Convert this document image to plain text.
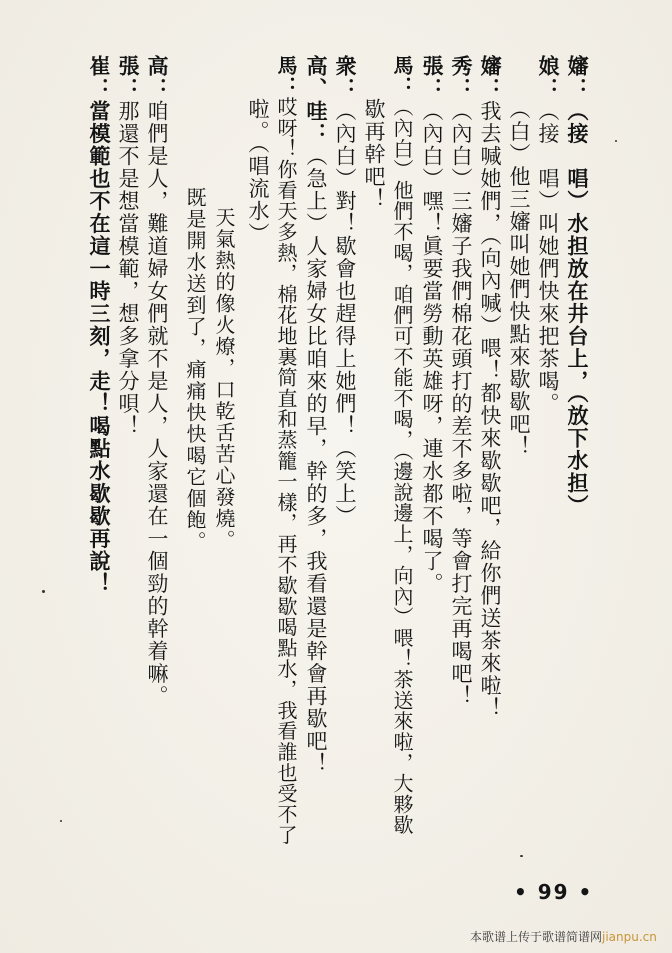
嬸：（接　唱）水担放在井台上，（放下水担）
娘：（接　唱）叫她們快來把茶喝。
（白）他三嬸叫她們快點來歇歇吧！
嬸：我去喊她們，（向內喊）喂！都快來歇歇吧，給你們送茶來啦！
秀：（內白）三嬸子我們棉花頭打的差不多啦，等會打完再喝吧！
張：（內白）嘿！眞要當勞動英雄呀，連水都不喝了。
馬：（內白）他們不喝，咱們可不能不喝，（邊說邊上，向內）喂！茶送來啦，大夥歇
歇再幹吧！
衆：（內白）對！歇會也趕得上她們！（笑上）
高、哇：（急上）人家婦女比咱來的早，幹的多，我看還是幹會再歇吧！
馬：哎呀！你看天多熱，棉花地裏简直和蒸籠一樣，再不歇歇喝點水，我看誰也受不了
啦。（唱流水）
天氣熱的像火燎，口乾舌苦心發燒。
既是開水送到了，痛痛快快喝它個飽。
高：咱們是人，難道婦女們就不是人，人家還在一個勁的幹着嘛。
張：那還不是想當模範，想多拿分唄！
崔：當模範也不在這一時三刻，走！喝點水歇歇再說！
• 99 •
本歌谱上传于歌谱简谱网jianpu.cn
